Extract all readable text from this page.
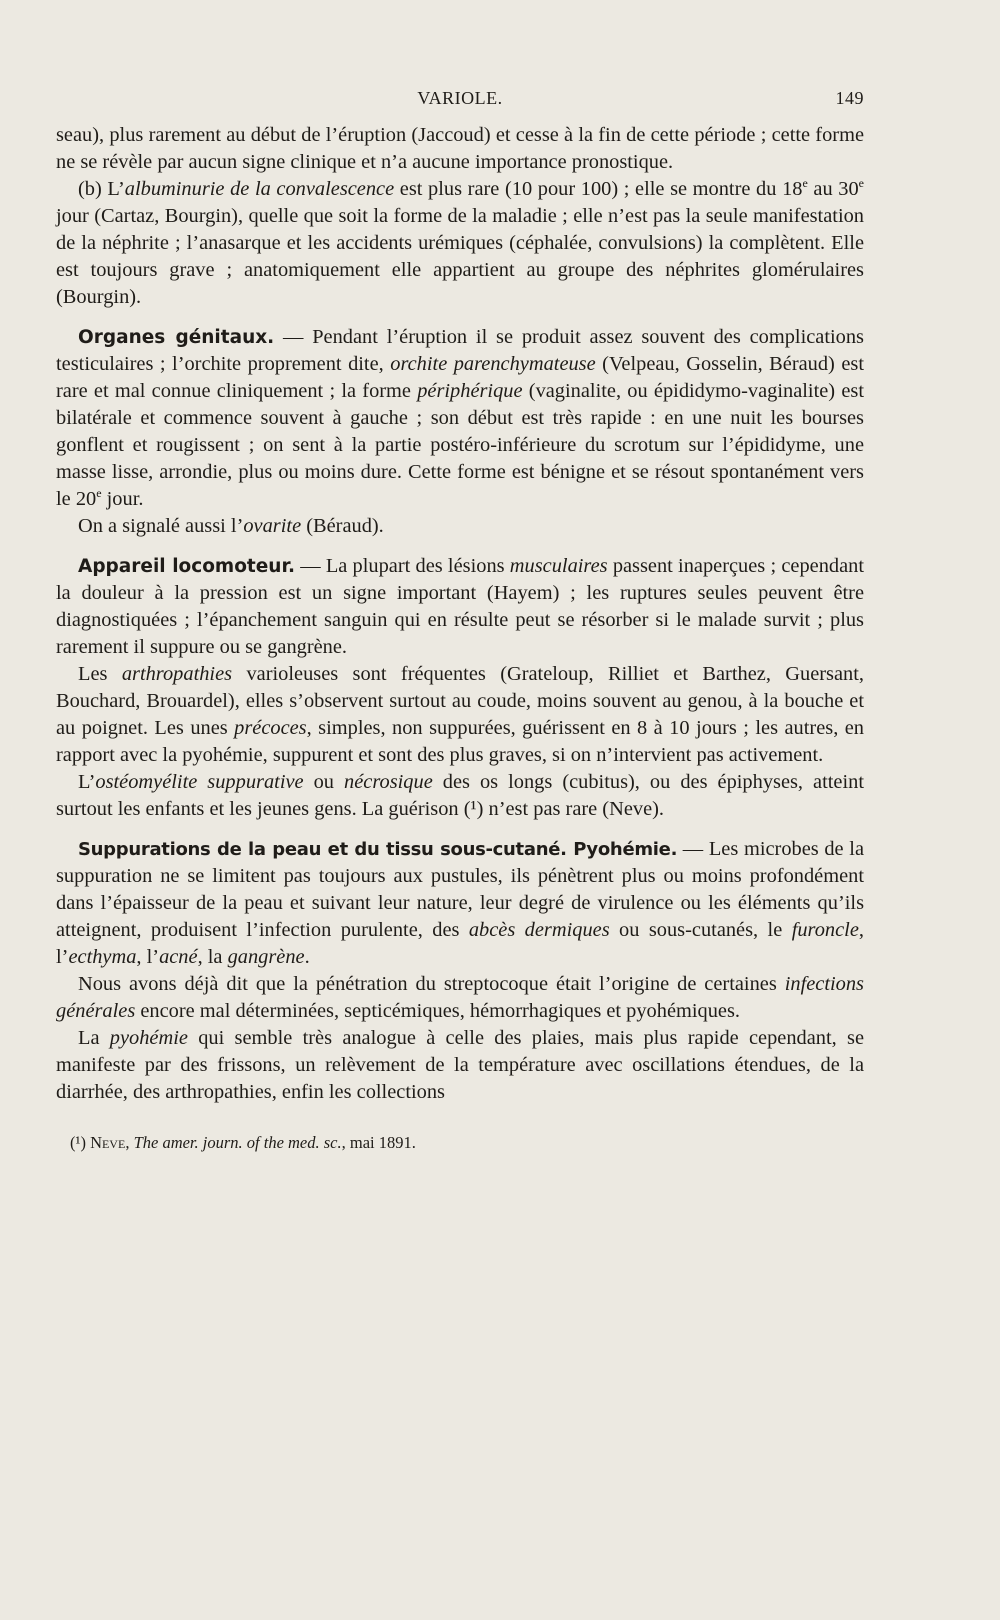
VARIOLE.	149

seau), plus rarement au début de l’éruption (Jaccoud) et cesse à la fin de cette période ; cette forme ne se révèle par aucun signe clinique et n’a aucune importance pronostique.

(b) L’albuminurie de la convalescence est plus rare (10 pour 100) ; elle se montre du 18e au 30e jour (Cartaz, Bourgin), quelle que soit la forme de la maladie ; elle n’est pas la seule manifestation de la néphrite ; l’anasarque et les accidents urémiques (céphalée, convulsions) la complètent. Elle est toujours grave ; anatomiquement elle appartient au groupe des néphrites glomérulaires (Bourgin).

Organes génitaux. — Pendant l’éruption il se produit assez souvent des complications testiculaires ; l’orchite proprement dite, orchite parenchymateuse (Velpeau, Gosselin, Béraud) est rare et mal connue cliniquement ; la forme périphérique (vaginalite, ou épididymo-vaginalite) est bilatérale et commence souvent à gauche ; son début est très rapide : en une nuit les bourses gonflent et rougissent ; on sent à la partie postéro-inférieure du scrotum sur l’épididyme, une masse lisse, arrondie, plus ou moins dure. Cette forme est bénigne et se résout spontanément vers le 20e jour.

On a signalé aussi l’ovarite (Béraud).

Appareil locomoteur. — La plupart des lésions musculaires passent inaperçues ; cependant la douleur à la pression est un signe important (Hayem) ; les ruptures seules peuvent être diagnostiquées ; l’épanchement sanguin qui en résulte peut se résorber si le malade survit ; plus rarement il suppure ou se gangrène.

Les arthropathies varioleuses sont fréquentes (Grateloup, Rilliet et Barthez, Guersant, Bouchard, Brouardel), elles s’observent surtout au coude, moins souvent au genou, à la bouche et au poignet. Les unes précoces, simples, non suppurées, guérissent en 8 à 10 jours ; les autres, en rapport avec la pyohémie, suppurent et sont des plus graves, si on n’intervient pas activement.

L’ostéomyélite suppurative ou nécrosique des os longs (cubitus), ou des épiphyses, atteint surtout les enfants et les jeunes gens. La guérison (¹) n’est pas rare (Neve).

Suppurations de la peau et du tissu sous-cutané. Pyohémie. — Les microbes de la suppuration ne se limitent pas toujours aux pustules, ils pénètrent plus ou moins profondément dans l’épaisseur de la peau et suivant leur nature, leur degré de virulence ou les éléments qu’ils atteignent, produisent l’infection purulente, des abcès dermiques ou sous-cutanés, le furoncle, l’ecthyma, l’acné, la gangrène.

Nous avons déjà dit que la pénétration du streptocoque était l’origine de certaines infections générales encore mal déterminées, septicémiques, hémorrhagiques et pyohémiques.

La pyohémie qui semble très analogue à celle des plaies, mais plus rapide cependant, se manifeste par des frissons, un relèvement de la température avec oscillations étendues, de la diarrhée, des arthropathies, enfin les collections

(¹) Neve, The amer. journ. of the med. sc., mai 1891.
